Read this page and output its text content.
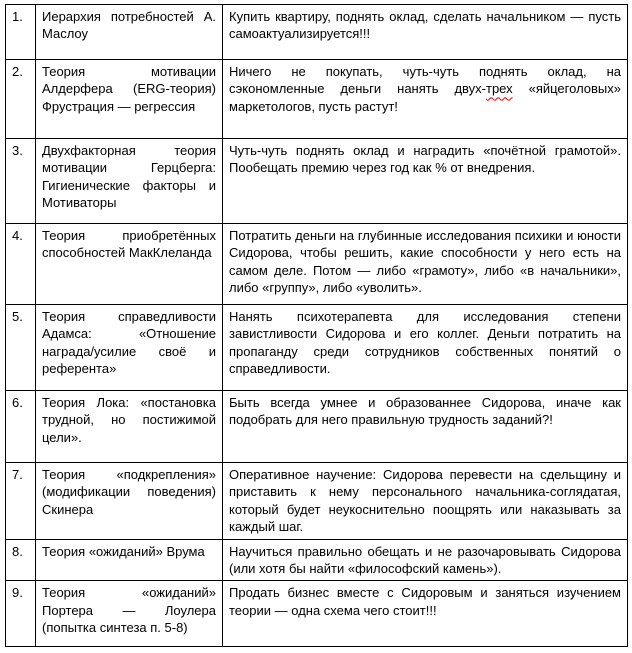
1.	Иерархия потребностей А. Маслоу	Купить квартиру, поднять оклад, сделать начальником — пусть самоактуализируется!!!
2.	Теория мотивации Алдерфера (ERG-теория) Фрустрация — регрессия	Ничего не покупать, чуть-чуть поднять оклад, на сэкономленные деньги нанять двух-трех «яйцеголовых» маркетологов, пусть растут!
3.	Двухфакторная теория мотивации Герцберга: Гигиенические факторы и Мотиваторы	Чуть-чуть поднять оклад и наградить «почётной грамотой». Пообещать премию через год как % от внедрения.
4.	Теория приобретённых способностей МакКлеланда	Потратить деньги на глубинные исследования психики и юности Сидорова, чтобы решить, какие способности у него есть на самом деле. Потом — либо «грамоту», либо «в начальники», либо «группу», либо «уволить».
5.	Теория справедливости Адамса: «Отношение награда/усилие своё и референта»	Нанять психотерапевта для исследования степени завистливости Сидорова и его коллег. Деньги потратить на пропаганду среди сотрудников собственных понятий о справедливости.
6.	Теория Лока: «постановка трудной, но постижимой цели».	Быть всегда умнее и образованнее Сидорова, иначе как подобрать для него правильную трудность заданий?!
7.	Теория «подкрепления» (модификации поведения) Скинера	Оперативное научение: Сидорова перевести на сдельщину и приставить к нему персонального начальника-соглядатая, который будет неукоснительно поощрять или наказывать за каждый шаг.
8.	Теория «ожиданий» Врума	Научиться правильно обещать и не разочаровывать Сидорова (или хотя бы найти «философский камень»).
9.	Теория «ожиданий» Портера — Лоулера (попытка синтеза п. 5-8)	Продать бизнес вместе с Сидоровым и заняться изучением теории — одна схема чего стоит!!!
